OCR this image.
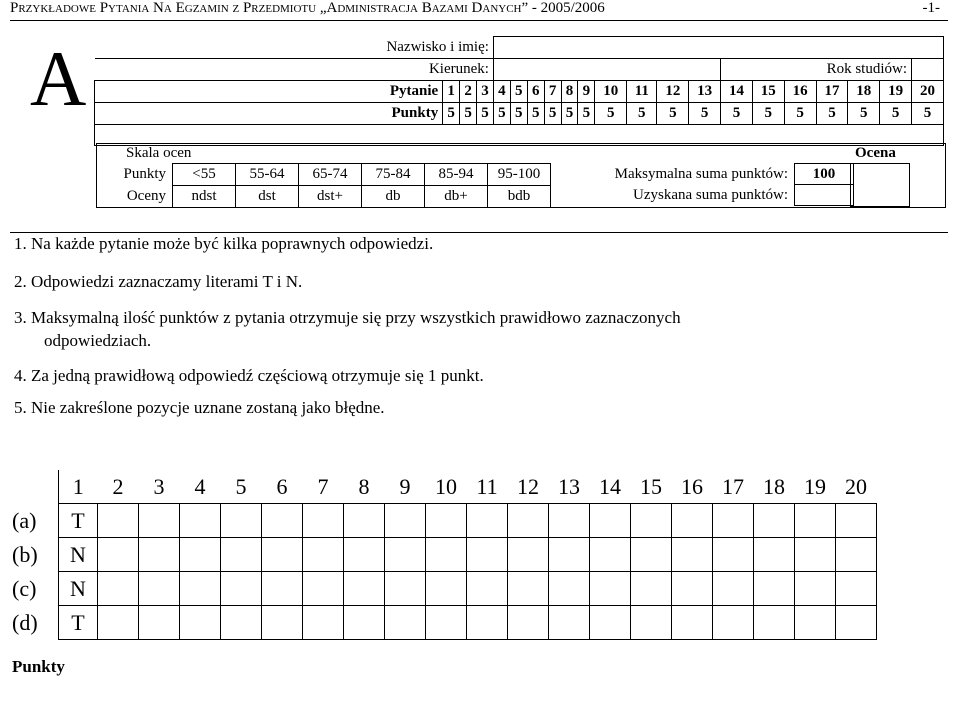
Przykładowe Pytania Na Egzamin z Przedmiotu „Administracja Bazami Danych” - 2005/2006	-1-
A	Nazwisko i imię:																				
Kierunek:														Rok studiów:						
Pytanie	1	2	3	4	5	6	7	8	9	10	11	12	13	14	15	16	17	18	19	20
Punkty	5	5	5	5	5	5	5	5	5	5	5	5	5	5	5	5	5	5	5	5

Skala ocen	Ocena
Punkty	<55	55-64	65-74	75-84	85-94	95-100
Oceny	ndst	dst	dst+	db	db+	bdb
Maksymalna suma punktów:	100
Uzyskana suma punktów:	
1. Na każde pytanie może być kilka poprawnych odpowiedzi.
2. Odpowiedzi zaznaczamy literami T i N.
3. Maksymalną ilość punktów z pytania otrzymuje się przy wszystkich prawidłowo zaznaczonych
odpowiedziach.
4. Za jedną prawidłową odpowiedź częściową otrzymuje się 1 punkt.
5. Nie zakreślone pozycje uznane zostaną jako błędne.
	1	2	3	4	5	6	7	8	9	10	11	12	13	14	15	16	17	18	19	20
(a)	T																			
(b)	N																			
(c)	N																			
(d)	T																			
Punkty
